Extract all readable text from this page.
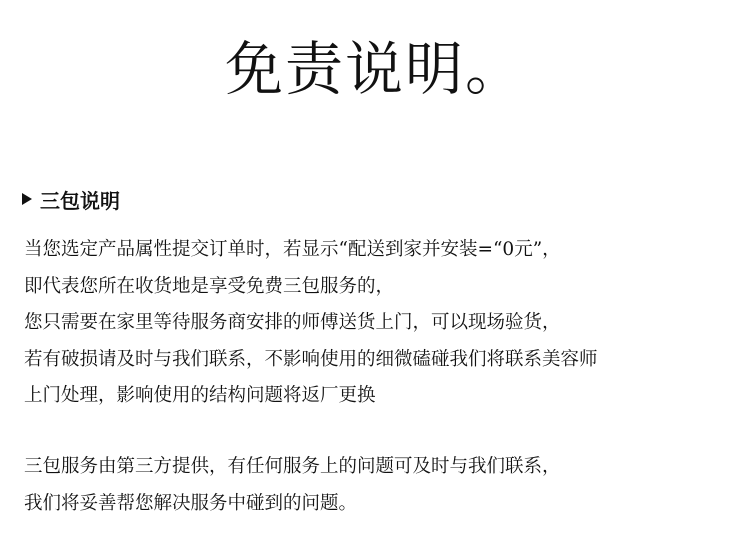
免责说明。
三包说明
当您选定产品属性提交订单时，若显示“配送到家并安装=“0元”，
即代表您所在收货地是享受免费三包服务的，
您只需要在家里等待服务商安排的师傅送货上门，可以现场验货，
若有破损请及时与我们联系，不影响使用的细微磕碰我们将联系美容师
上门处理，影响使用的结构问题将返厂更换
三包服务由第三方提供，有任何服务上的问题可及时与我们联系，
我们将妥善帮您解决服务中碰到的问题。
